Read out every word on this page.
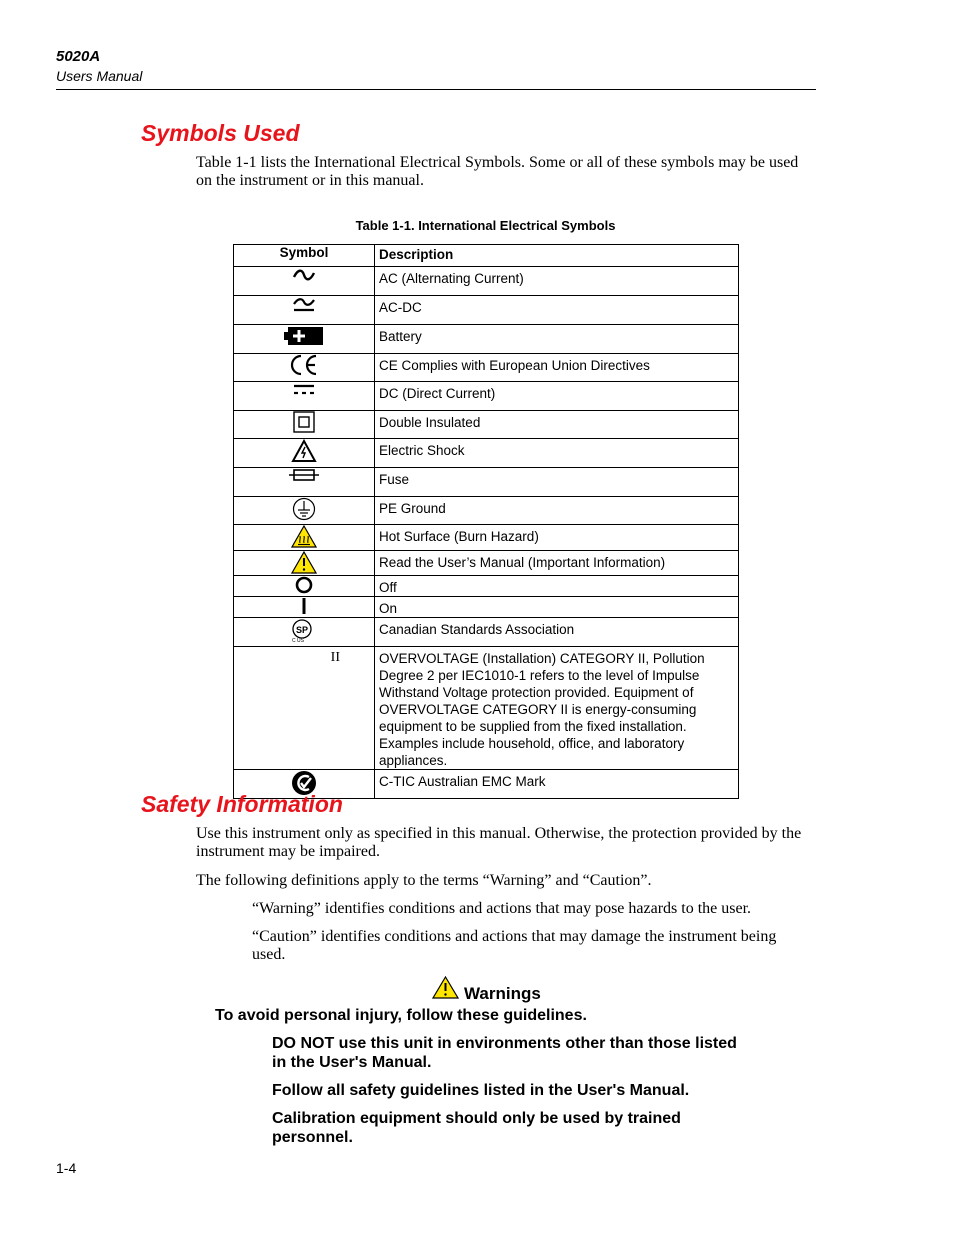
5020A
Users Manual
Symbols Used

Table 1-1 lists the International Electrical Symbols. Some or all of these symbols may be used on the instrument or in this manual.

Table 1-1. International Electrical Symbols
Symbol	Description

	AC (Alternating Current)

	AC-DC

	Battery

	CE Complies with European Union Directives

	DC (Direct Current)

	Double Insulated

	Electric Shock

	Fuse

	PE Ground

	Hot Surface (Burn Hazard)

	Read the User’s Manual (Important Information)

	Off

	On

SP
C US	Canadian Standards Association
II	OVERVOLTAGE (Installation) CATEGORY II, Pollution Degree 2 per IEC1010-1 refers to the level of Impulse Withstand Voltage protection provided. Equipment of OVERVOLTAGE CATEGORY II is energy-consuming equipment to be supplied from the fixed installation. Examples include household, office, and laboratory appliances.

	C-TIC Australian EMC Mark
Safety Information

Use this instrument only as specified in this manual. Otherwise, the protection provided by the instrument may be impaired.

The following definitions apply to the terms “Warning” and “Caution”.

“Warning” identifies conditions and actions that may pose hazards to the user.

“Caution” identifies conditions and actions that may damage the instrument being used.

Warnings

To avoid personal injury, follow these guidelines.

DO NOT use this unit in environments other than those listed in the User's Manual.

Follow all safety guidelines listed in the User's Manual.

Calibration equipment should only be used by trained personnel.

1-4
